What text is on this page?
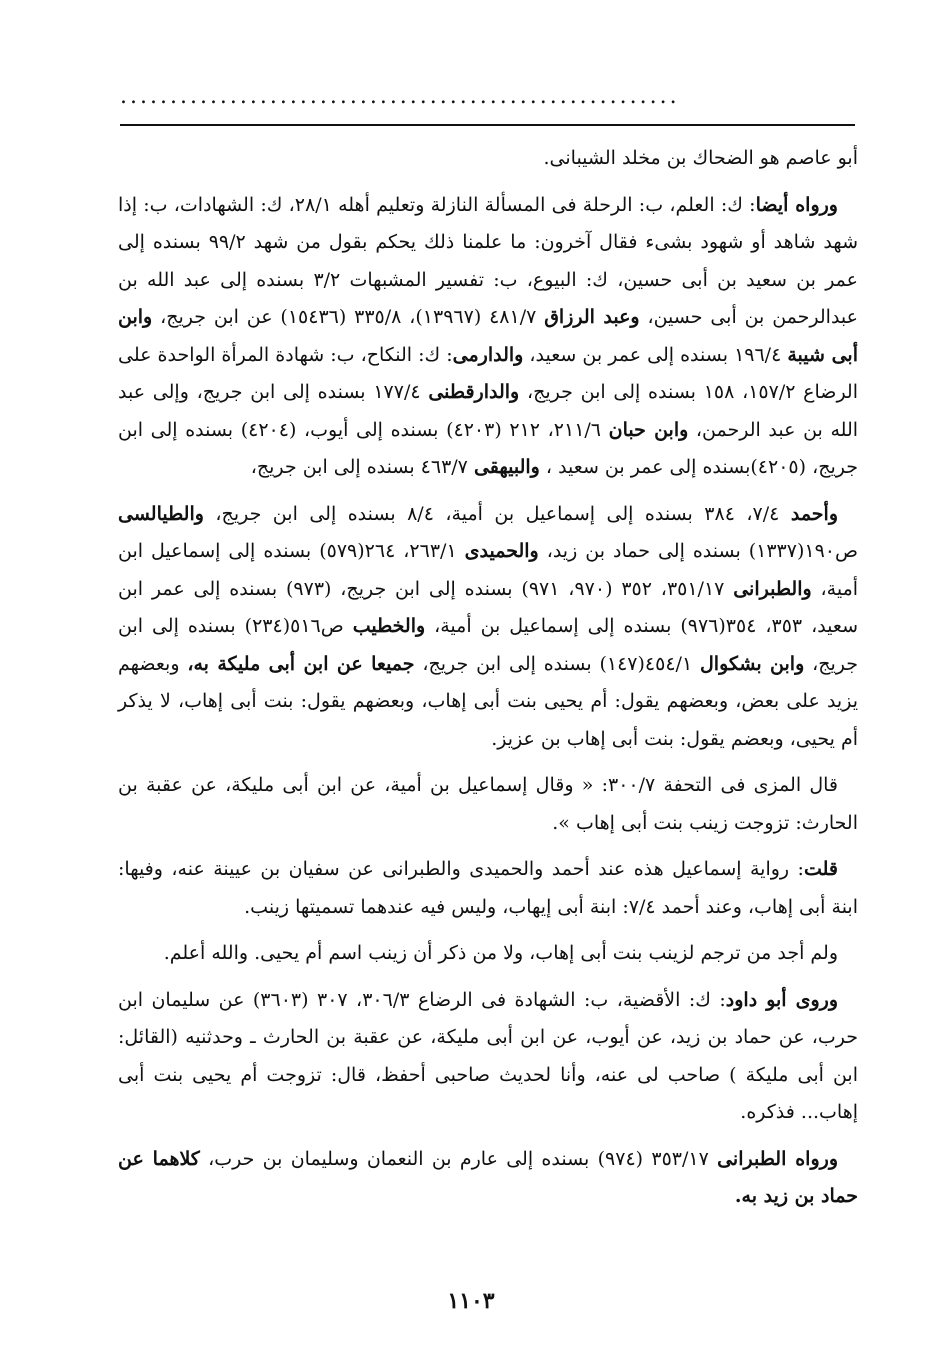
........................................................

أبو عاصم هو الضحاك بن مخلد الشيبانى.

ورواه أيضا: ك: العلم، ب: الرحلة فى المسألة النازلة وتعليم أهله ٢٨/١، ك: الشهادات، ب: إذا شهد شاهد أو شهود بشىء فقال آخرون: ما علمنا ذلك يحكم بقول من شهد ٩٩/٢ بسنده إلى عمر بن سعيد بن أبى حسين، ك: البيوع، ب: تفسير المشبهات ٣/٢ بسنده إلى عبد الله بن عبدالرحمن بن أبى حسين، وعبد الرزاق ٤٨١/٧ (١٣٩٦٧)، ٣٣٥/٨ (١٥٤٣٦) عن ابن جريج، وابن أبى شيبة ١٩٦/٤ بسنده إلى عمر بن سعيد، والدارمى: ك: النكاح، ب: شهادة المرأة الواحدة على الرضاع ١٥٧/٢، ١٥٨ بسنده إلى ابن جريج، والدارقطنى ١٧٧/٤ بسنده إلى ابن جريج، وإلى عبد الله بن عبد الرحمن، وابن حبان ٢١١/٦، ٢١٢ (٤٢٠٣) بسنده إلى أيوب، (٤٢٠٤) بسنده إلى ابن جريج، (٤٢٠٥)بسنده إلى عمر بن سعيد ، والبيهقى ٤٦٣/٧ بسنده إلى ابن جريج،

وأحمد ٧/٤، ٣٨٤ بسنده إلى إسماعيل بن أمية، ٨/٤ بسنده إلى ابن جريج، والطيالسى ص١٩٠(١٣٣٧) بسنده إلى حماد بن زيد، والحميدى ٢٦٣/١، ٢٦٤(٥٧٩) بسنده إلى إسماعيل ابن أمية، والطبرانى ٣٥١/١٧، ٣٥٢ (٩٧٠، ٩٧١) بسنده إلى ابن جريج، (٩٧٣) بسنده إلى عمر ابن سعيد، ٣٥٣، ٣٥٤(٩٧٦) بسنده إلى إسماعيل بن أمية، والخطيب ص٥١٦(٢٣٤) بسنده إلى ابن جريج، وابن بشكوال ٤٥٤/١(١٤٧) بسنده إلى ابن جريج، جميعا عن ابن أبى مليكة به، وبعضهم يزيد على بعض، وبعضهم يقول: أم يحيى بنت أبى إهاب، وبعضهم يقول: بنت أبى إهاب، لا يذكر أم يحيى، وبعضم يقول: بنت أبى إهاب بن عزيز.

قال المزى فى التحفة ٣٠٠/٧: « وقال إسماعيل بن أمية، عن ابن أبى مليكة، عن عقبة بن الحارث: تزوجت زينب بنت أبى إهاب ».

قلت: رواية إسماعيل هذه عند أحمد والحميدى والطبرانى عن سفيان بن عيينة عنه، وفيها: ابنة أبى إهاب، وعند أحمد ٧/٤: ابنة أبى إيهاب، وليس فيه عندهما تسميتها زينب.

ولم أجد من ترجم لزينب بنت أبى إهاب، ولا من ذكر أن زينب اسم أم يحيى. والله أعلم.

وروى أبو داود: ك: الأقضية، ب: الشهادة فى الرضاع ٣٠٦/٣، ٣٠٧ (٣٦٠٣) عن سليمان ابن حرب، عن حماد بن زيد، عن أيوب، عن ابن أبى مليكة، عن عقبة بن الحارث ـ وحدثنيه (القائل: ابن أبى مليكة ) صاحب لى عنه، وأنا لحديث صاحبى أحفظ، قال: تزوجت أم يحيى بنت أبى إهاب... فذكره.

ورواه الطبرانى ٣٥٣/١٧ (٩٧٤) بسنده إلى عارم بن النعمان وسليمان بن حرب، كلاهما عن حماد بن زيد به.

١١٠٣
